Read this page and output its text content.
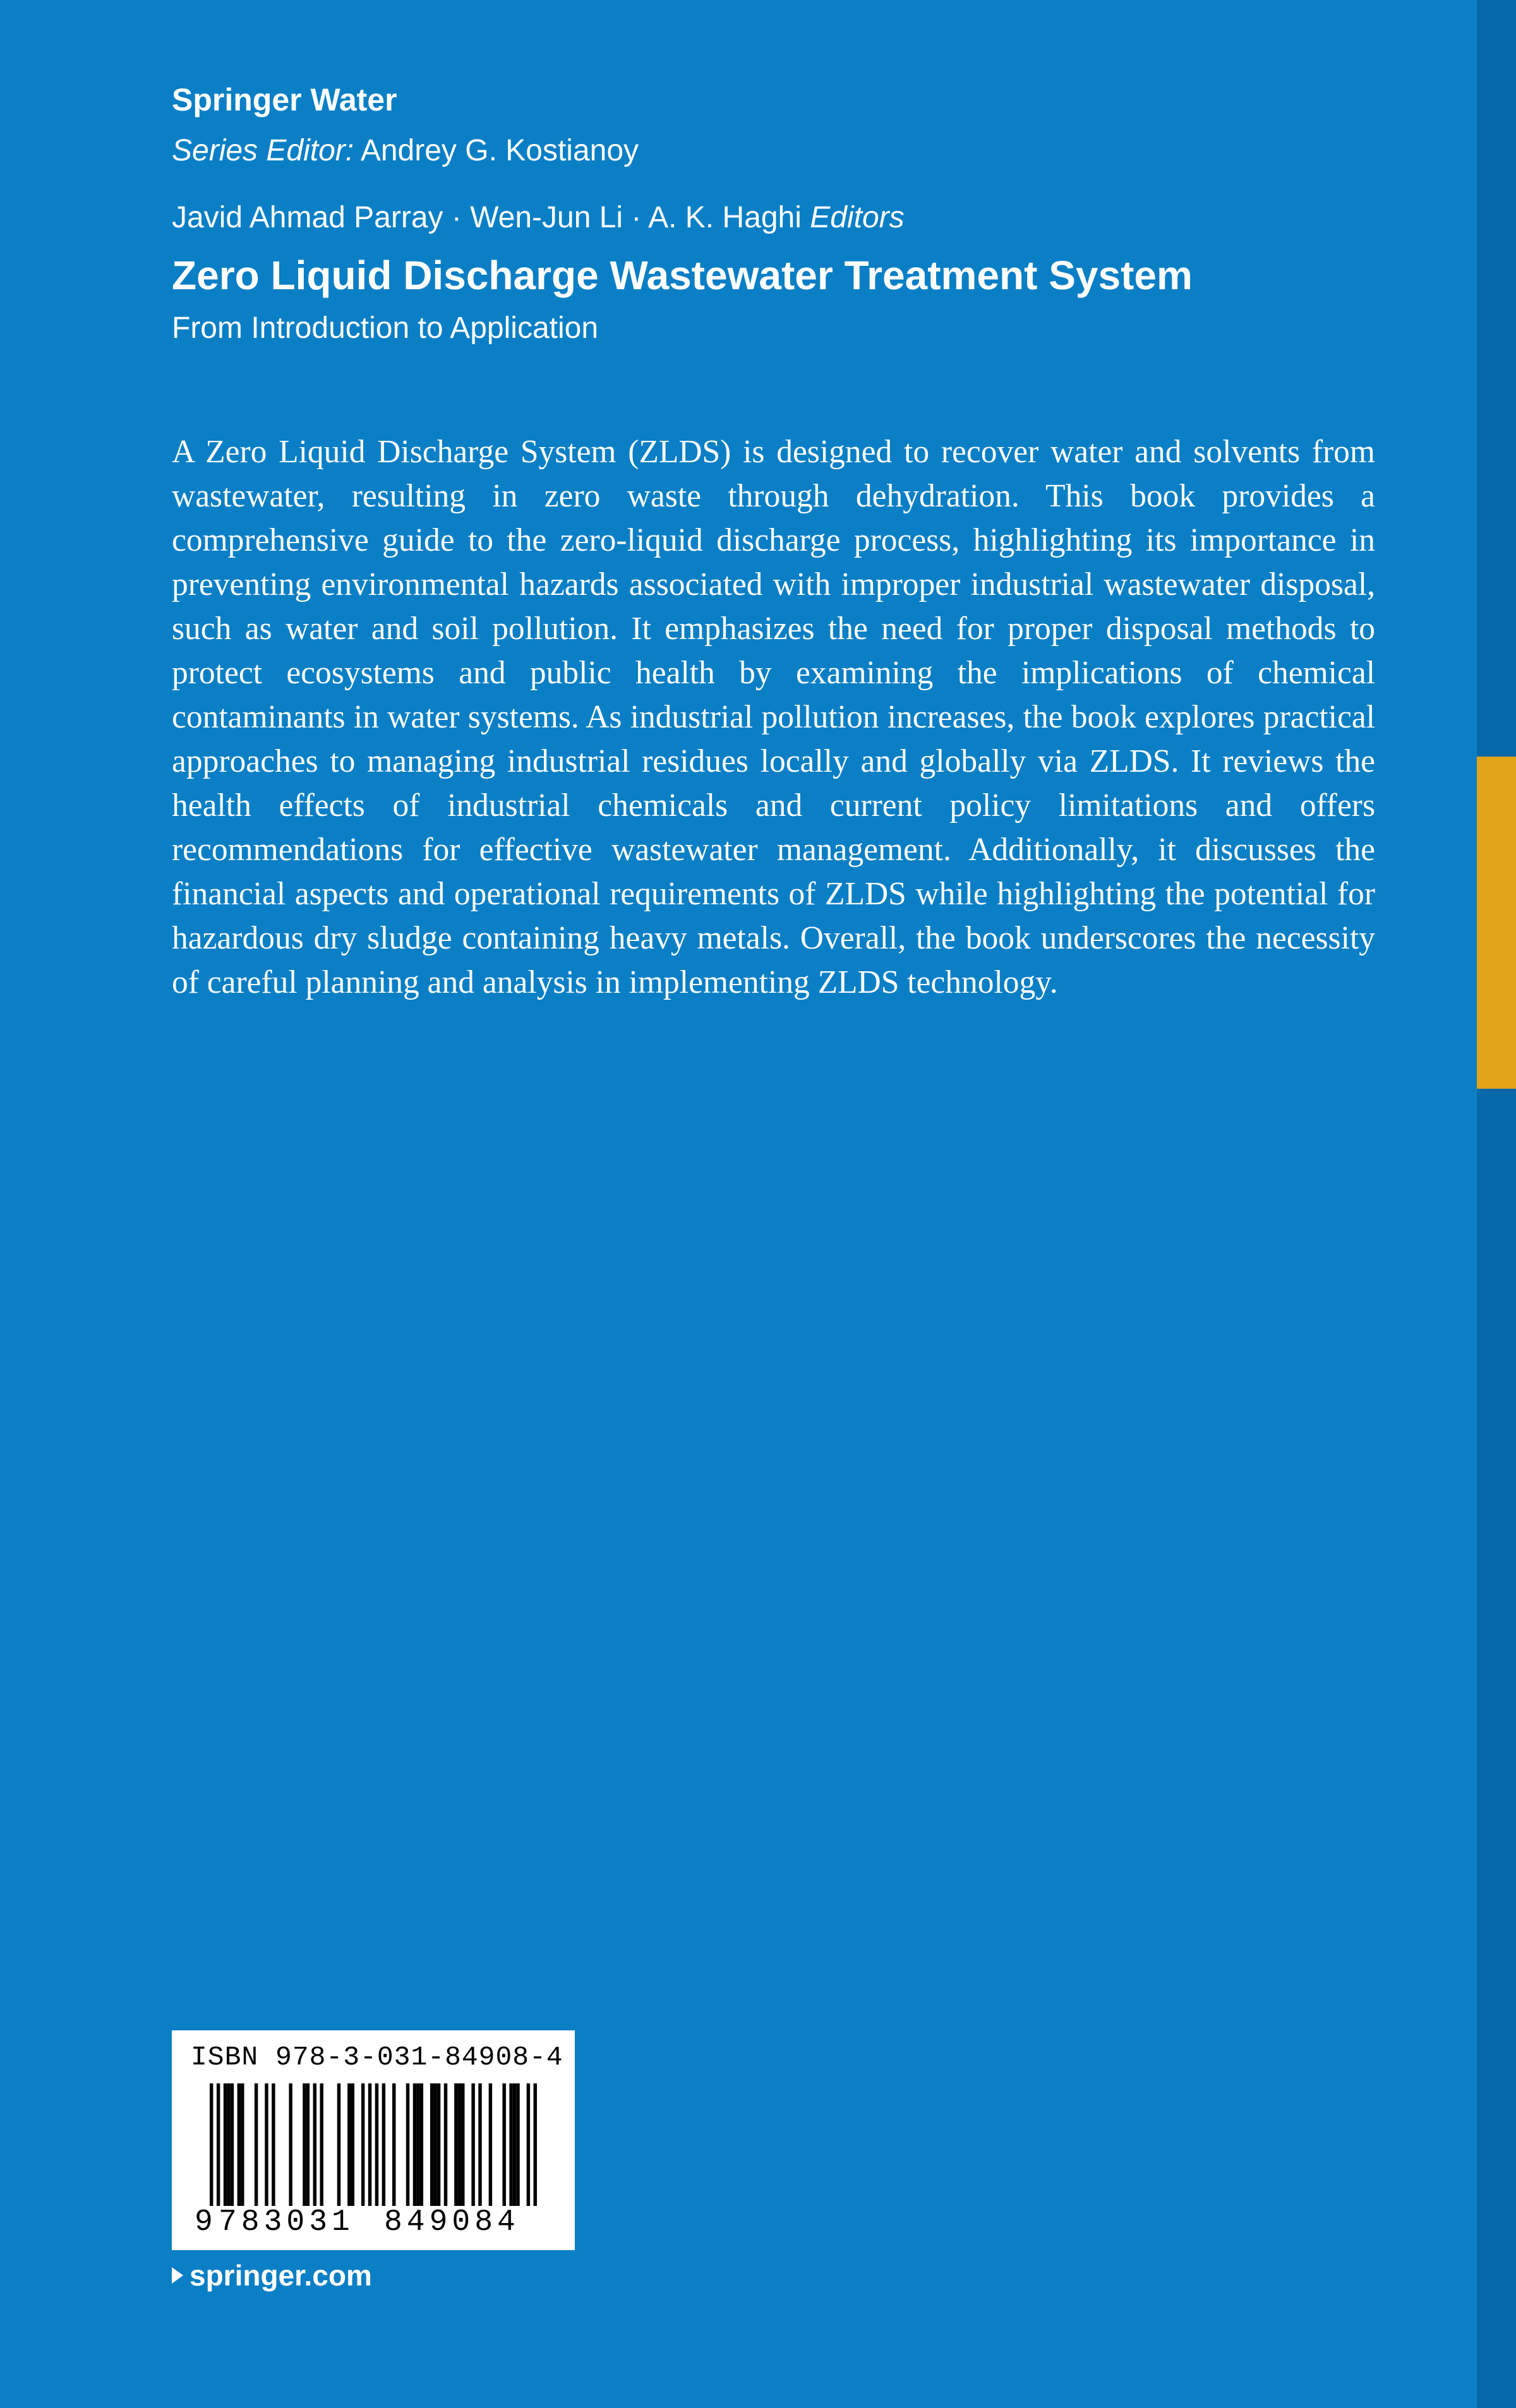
Springer Water
Series Editor: Andrey G. Kostianoy
Javid Ahmad Parray · Wen-Jun Li · A. K. Haghi Editors
Zero Liquid Discharge Wastewater Treatment System
From Introduction to Application

A Zero Liquid Discharge System (ZLDS) is designed to recover water and solvents from wastewater, resulting in zero waste through dehydration. This book provides a comprehensive guide to the zero-liquid discharge process, highlighting its importance in preventing environmental hazards associated with improper industrial wastewater disposal, such as water and soil pollution. It emphasizes the need for proper disposal methods to protect ecosystems and public health by examining the implications of chemical contaminants in water systems. As industrial pollution increases, the book explores practical approaches to managing industrial residues locally and globally via ZLDS. It reviews the health effects of industrial chemicals and current policy limitations and offers recommendations for effective wastewater management. Additionally, it discusses the financial aspects and operational requirements of ZLDS while highlighting the potential for hazardous dry sludge containing heavy metals. Overall, the book underscores the necessity of careful planning and analysis in implementing ZLDS technology.

ISBN 978-3-031-84908-4
9 783031 849084
springer.com
